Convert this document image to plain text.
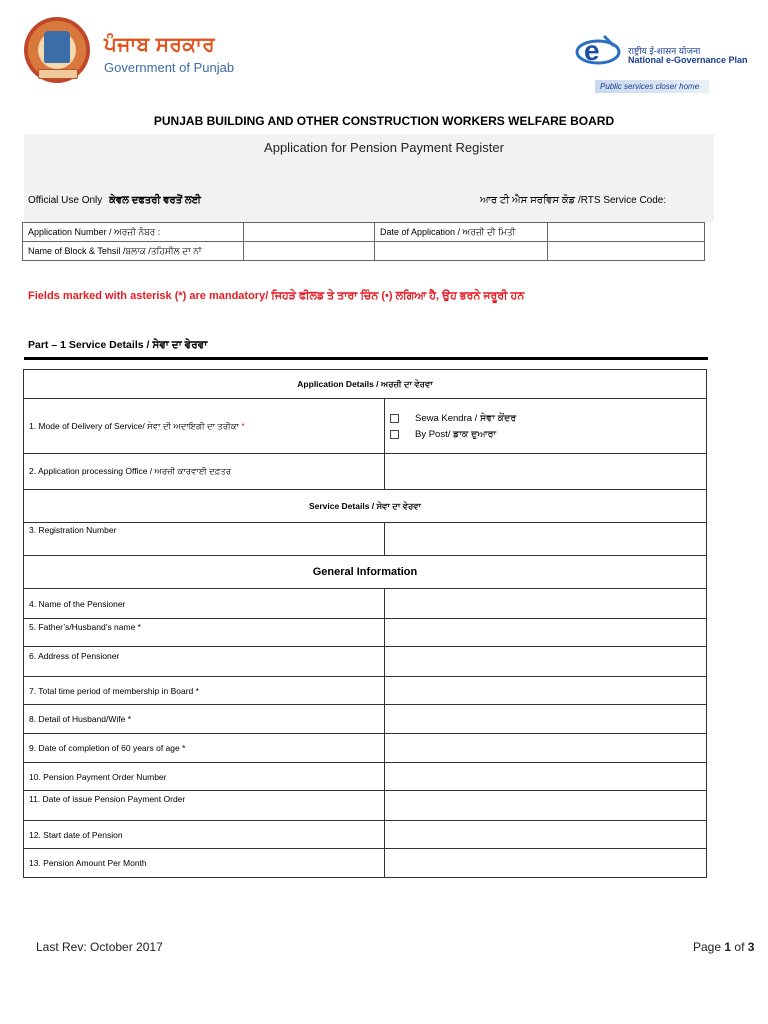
ਪੰਜਾਬ ਸਰਕਾਰ
Government of Punjab
e	राष्ट्रीय ई-शासन योजना
National e-Governance Plan
Public services closer home
PUNJAB BUILDING AND OTHER CONSTRUCTION WORKERS WELFARE BOARD
Application for Pension Payment Register
Official Use Only ਕੇਵਲ ਦਫਤਰੀ ਵਰਤੋਂ ਲਈ	ਆਰ ਟੀ ਐਸ ਸਰਵਿਸ ਕੋਡ /RTS Service Code:
Application Number / ਅਰਜ਼ੀ ਨੰਬਰ :		Date of Application / ਅਰਜ਼ੀ ਦੀ ਮਿਤੀ	
Name of Block & Tehsil /ਬਲਾਕ /ਤਹਿਸੀਲ ਦਾ ਨਾਂ			
Fields marked with asterisk (*) are mandatory/ ਜਿਹੜੇ ਫੀਲਡ ਤੇ ਤਾਰਾ ਚਿੰਨ (•) ਲਗਿਆ ਹੈ, ਉਹ ਭਰਨੇ ਜਰੂਰੀ ਹਨ
Part – 1 Service Details / ਸੇਵਾ ਦਾ ਵੇਰਵਾ
Application Details / ਅਰਜ਼ੀ ਦਾ ਵੇਰਵਾ	
1. Mode of Delivery of Service/ ਸੇਵਾ ਦੀ ਅਦਾਇਗੀ ਦਾ ਤਰੀਕਾ *	Sewa Kendra / ਸੇਵਾ ਕੇਂਦਰ
By Post/ ਡਾਕ ਦੁਆਰਾ

2. Application processing Office / ਅਰਜ਼ੀ ਕਾਰਵਾਈ ਦਫ਼ਤਰ	
Service Details / ਸੇਵਾ ਦਾ ਵੇਰਵਾ	
3. Registration Number	
General Information	
4. Name of the Pensioner	
5. Father’s/Husband’s name *	
6. Address of Pensioner	
7. Total time period of membership in Board *	
8. Detail of Husband/Wife *	
9. Date of completion of 60 years of age *	
10. Pension Payment Order Number	
11. Date of issue Pension Payment Order	
12. Start date of Pension	
13. Pension Amount Per Month	
Last Rev: October 2017	Page 1 of 3
